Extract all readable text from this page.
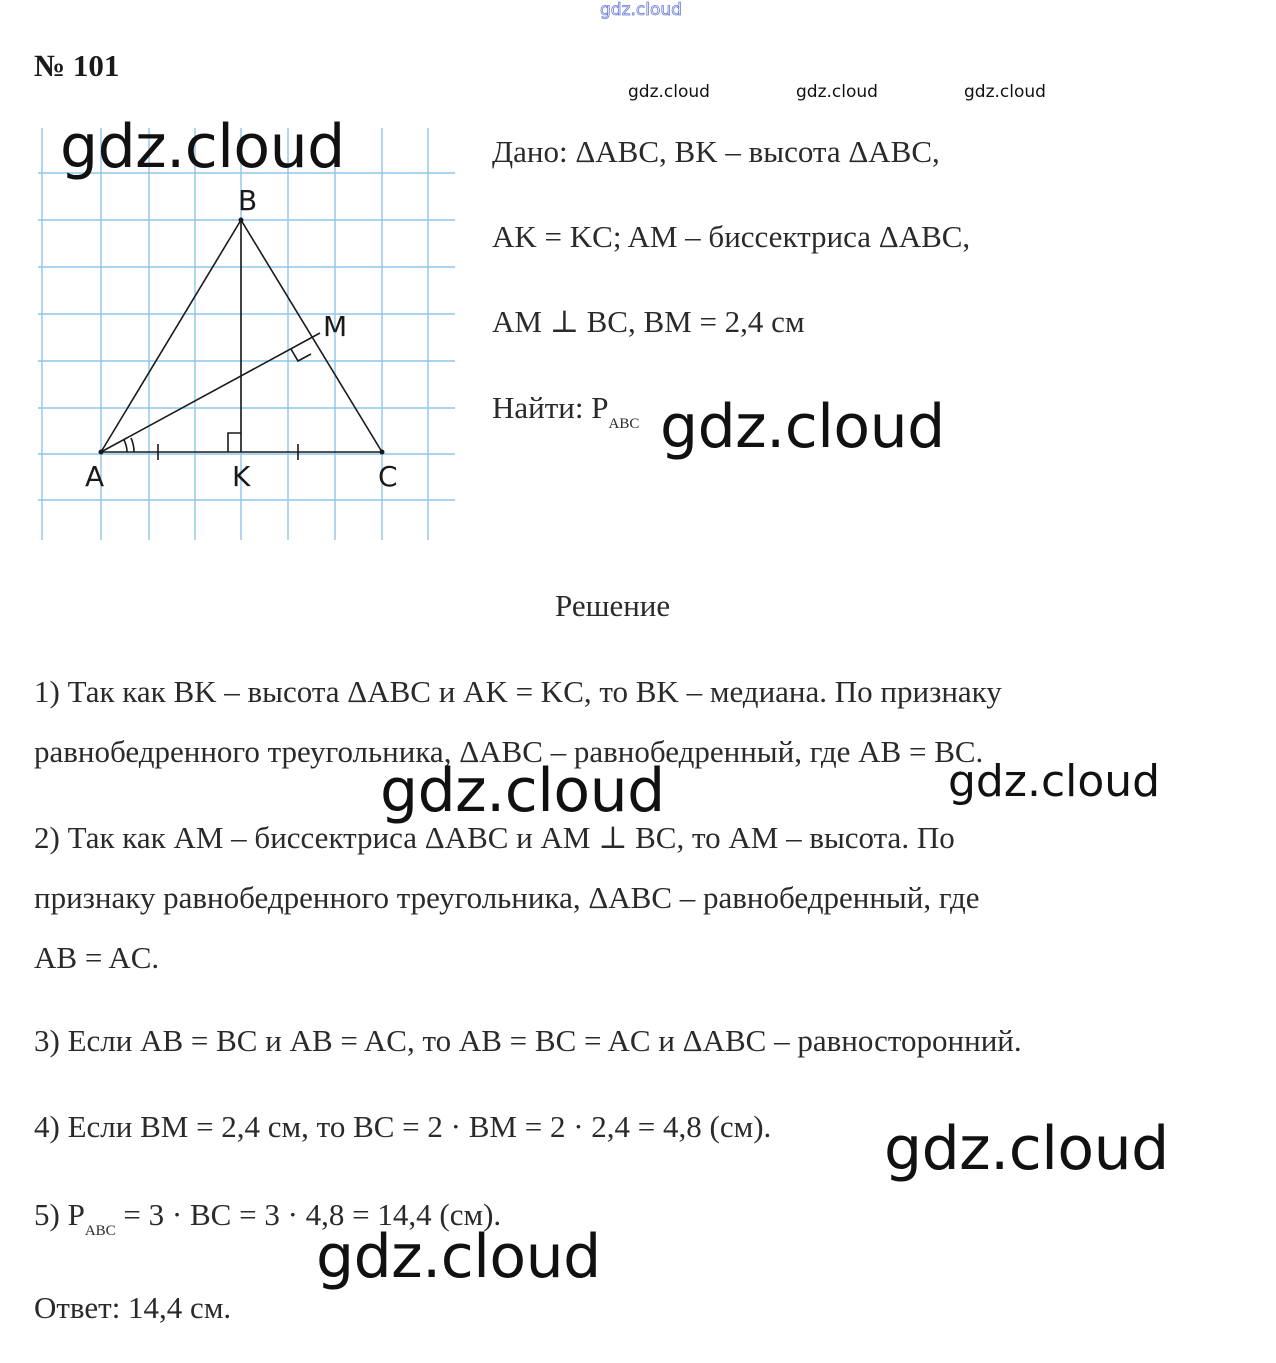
gdz.cloud
№ 101
gdz.cloud	gdz.cloud	gdz.cloud
B
M
A	K	C
gdz.cloud	Дано: ΔABC, BK – высота ΔABC,
AK = KC; AM – биссектриса ΔABC,
AM ⊥ BC, BM = 2,4 см
Найти: $P_{ABC}$ gdz.cloud
Решение
1) Так как BK – высота ΔABC и AK = KC, то BK – медиана. По признаку
равнобедренного треугольника, ΔABC – равнобедренный, где AB = BC.
gdz.cloud	gdz.cloud
2) Так как AM – биссектриса ΔABC и AM ⊥ BC, то AM – высота. По
признаку равнобедренного треугольника, ΔABC – равнобедренный, где
AB = AC.
3) Если AB = BC и AB = AC, то AB = BC = AC и ΔABC – равносторонний.
4) Если BM = 2,4 см, то BC = 2 · BM = 2 · 2,4 = 4,8 (см). gdz.cloud
5) $P_{ABC} = 3$ · BC = 3 · 4,8 = 14,4 (см).
gdz.cloud
Ответ: 14,4 см.
